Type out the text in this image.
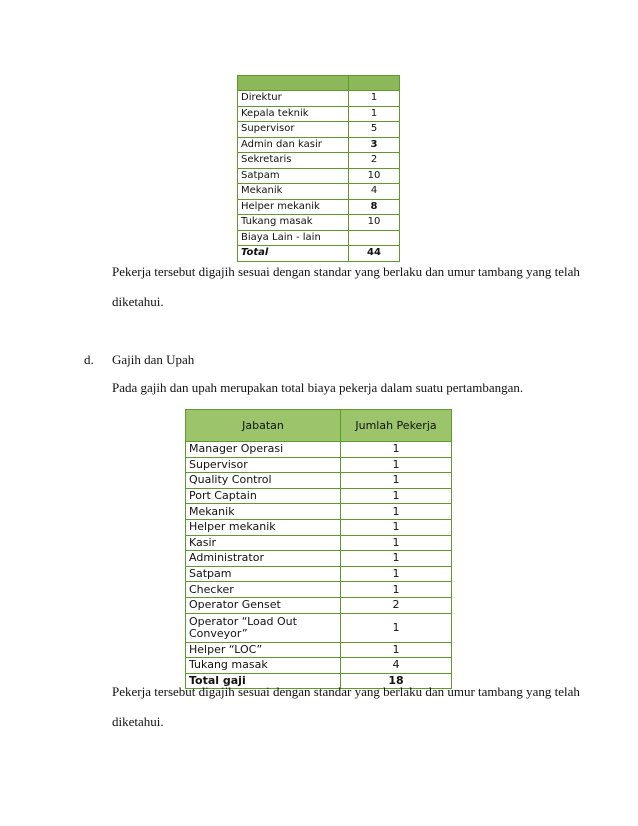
Direktur	1
Kepala teknik	1
Supervisor	5
Admin dan kasir	3
Sekretaris	2
Satpam	10
Mekanik	4
Helper mekanik	8
Tukang masak	10
Biaya Lain - lain	
Total	44
Pekerja tersebut digajih sesuai dengan standar yang berlaku dan umur tambang yang telah
diketahui.
d. Gajih dan Upah
Pada gajih dan upah merupakan total biaya pekerja dalam suatu pertambangan.
Jabatan	Jumlah Pekerja
Manager Operasi	1
Supervisor	1
Quality Control	1
Port Captain	1
Mekanik	1
Helper mekanik	1
Kasir	1
Administrator	1
Satpam	1
Checker	1
Operator Genset	2
Operator “Load Out Conveyor”	1
Helper “LOC”	1
Tukang masak	4
Total gaji	18
Pekerja tersebut digajih sesuai dengan standar yang berlaku dan umur tambang yang telah
diketahui.
